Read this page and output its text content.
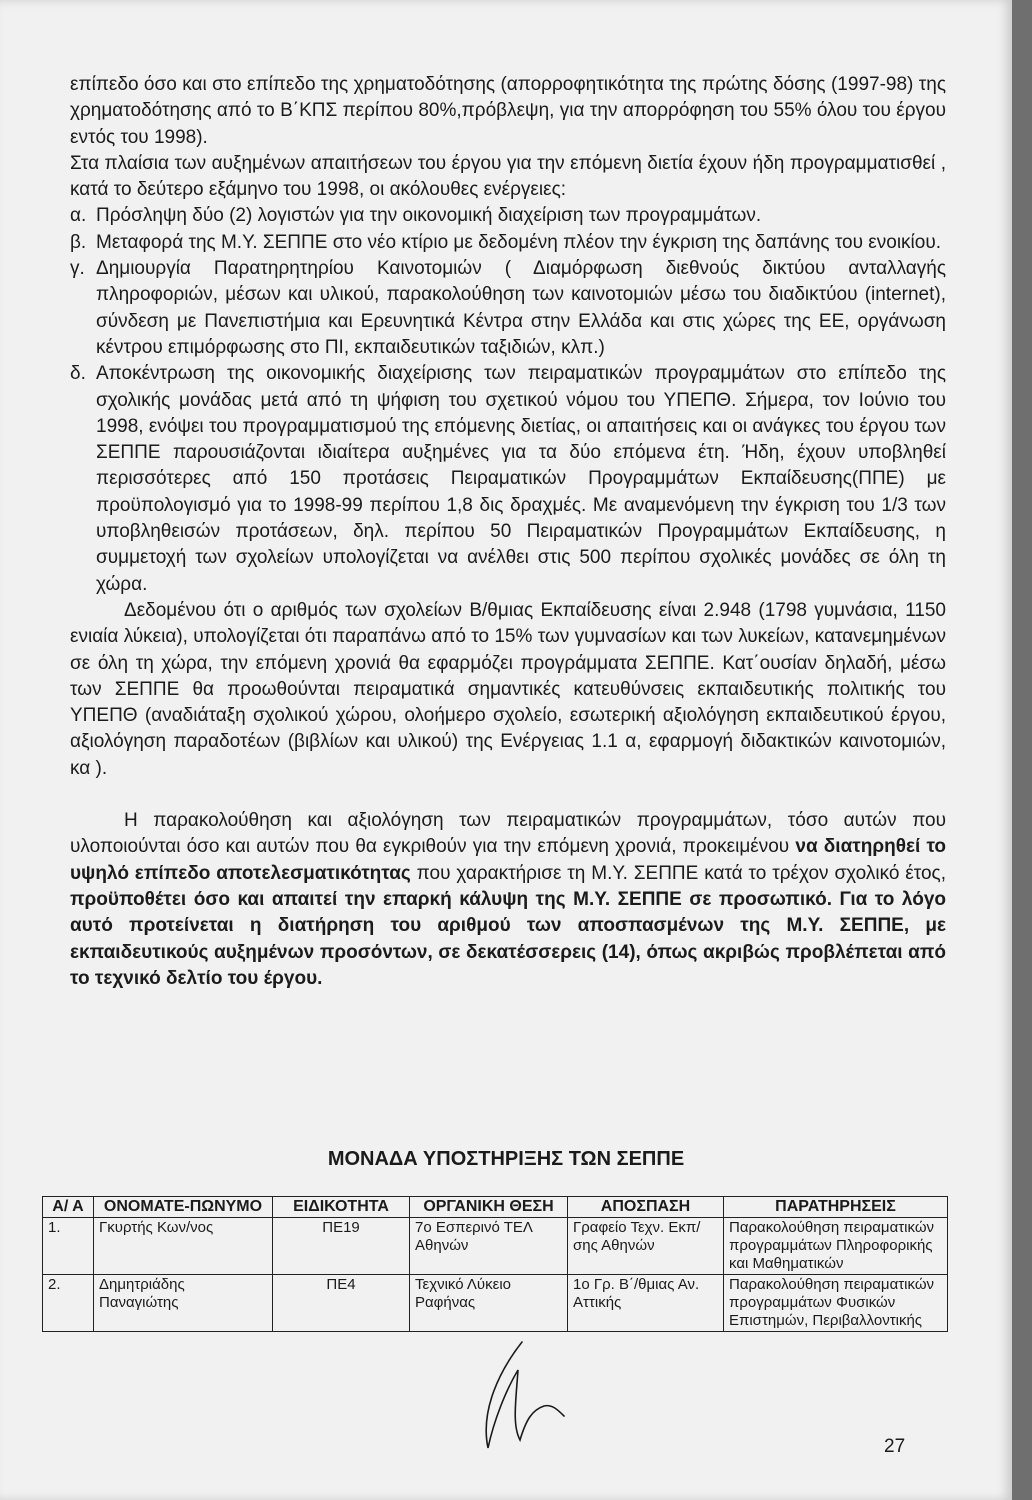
επίπεδο όσο και στο επίπεδο της χρηματοδότησης (απορροφητικότητα της πρώτης δόσης (1997-98) της χρηματοδότησης από το Β΄ΚΠΣ περίπου 80%,πρόβλεψη, για την απορρόφηση του 55% όλου του έργου εντός του 1998).

Στα πλαίσια των αυξημένων απαιτήσεων του έργου για την επόμενη διετία έχουν ήδη προγραμματισθεί , κατά το δεύτερο εξάμηνο του 1998, οι ακόλουθες ενέργειες:

α. Πρόσληψη δύο (2) λογιστών για την οικονομική διαχείριση των προγραμμάτων.
β. Μεταφορά της Μ.Υ. ΣΕΠΠΕ στο νέο κτίριο με δεδομένη πλέον την έγκριση της δαπάνης του ενοικίου.
γ. Δημιουργία Παρατηρητηρίου Καινοτομιών ( Διαμόρφωση διεθνούς δικτύου ανταλλαγής πληροφοριών, μέσων και υλικού, παρακολούθηση των καινοτομιών μέσω του διαδικτύου (internet), σύνδεση με Πανεπιστήμια και Ερευνητικά Κέντρα στην Ελλάδα και στις χώρες της ΕΕ, οργάνωση κέντρου επιμόρφωσης στο ΠΙ, εκπαιδευτικών ταξιδιών, κλπ.)
δ. Αποκέντρωση της οικονομικής διαχείρισης των πειραματικών προγραμμάτων στο επίπεδο της σχολικής μονάδας μετά από τη ψήφιση του σχετικού νόμου του ΥΠΕΠΘ. Σήμερα, τον Ιούνιο του 1998, ενόψει του προγραμματισμού της επόμενης διετίας, οι απαιτήσεις και οι ανάγκες του έργου των ΣΕΠΠΕ παρουσιάζονται ιδιαίτερα αυξημένες για τα δύο επόμενα έτη. Ήδη, έχουν υποβληθεί περισσότερες από 150 προτάσεις Πειραματικών Προγραμμάτων Εκπαίδευσης(ΠΠΕ) με προϋπολογισμό για το 1998-99 περίπου 1,8 δις δραχμές. Με αναμενόμενη την έγκριση του 1/3 των υποβληθεισών προτάσεων, δηλ. περίπου 50 Πειραματικών Προγραμμάτων Εκπαίδευσης, η συμμετοχή των σχολείων υπολογίζεται να ανέλθει στις 500 περίπου σχολικές μονάδες σε όλη τη χώρα.

Δεδομένου ότι ο αριθμός των σχολείων Β/θμιας Εκπαίδευσης είναι 2.948 (1798 γυμνάσια, 1150 ενιαία λύκεια), υπολογίζεται ότι παραπάνω από το 15% των γυμνασίων και των λυκείων, κατανεμημένων σε όλη τη χώρα, την επόμενη χρονιά θα εφαρμόζει προγράμματα ΣΕΠΠΕ. Κατ΄ουσίαν δηλαδή, μέσω των ΣΕΠΠΕ θα προωθούνται πειραματικά σημαντικές κατευθύνσεις εκπαιδευτικής πολιτικής του ΥΠΕΠΘ (αναδιάταξη σχολικού χώρου, ολοήμερο σχολείο, εσωτερική αξιολόγηση εκπαιδευτικού έργου, αξιολόγηση παραδοτέων (βιβλίων και υλικού) της Ενέργειας 1.1 α, εφαρμογή διδακτικών καινοτομιών, κα ).

Η παρακολούθηση και αξιολόγηση των πειραματικών προγραμμάτων, τόσο αυτών που υλοποιούνται όσο και αυτών που θα εγκριθούν για την επόμενη χρονιά, προκειμένου να διατηρηθεί το υψηλό επίπεδο αποτελεσματικότητας που χαρακτήρισε τη Μ.Υ. ΣΕΠΠΕ κατά το τρέχον σχολικό έτος, προϋποθέτει όσο και απαιτεί την επαρκή κάλυψη της Μ.Υ. ΣΕΠΠΕ σε προσωπικό. Για το λόγο αυτό προτείνεται η διατήρηση του αριθμού των αποσπασμένων της Μ.Υ. ΣΕΠΠΕ, με εκπαιδευτικούς αυξημένων προσόντων, σε δεκατέσσερεις (14), όπως ακριβώς προβλέπεται από το τεχνικό δελτίο του έργου.

ΜΟΝΑΔΑ ΥΠΟΣΤΗΡΙΞΗΣ ΤΩΝ ΣΕΠΠΕ
Α/ Α	ΟΝΟΜΑΤΕ-ΠΩΝΥΜΟ	ΕΙΔΙΚΟΤΗΤΑ	ΟΡΓΑΝΙΚΗ ΘΕΣΗ	ΑΠΟΣΠΑΣΗ	ΠΑΡΑΤΗΡΗΣΕΙΣ
1.	Γκυρτής Κων/νος	ΠΕ19	7ο Εσπερινό ΤΕΛ Αθηνών	Γραφείο Τεχν. Εκπ/σης Αθηνών	Παρακολούθηση πειραματικών προγραμμάτων Πληροφορικής και Μαθηματικών
2.	Δημητριάδης Παναγιώτης	ΠΕ4	Τεχνικό Λύκειο Ραφήνας	1ο Γρ. Β΄/θμιας Αν. Αττικής	Παρακολούθηση πειραματικών προγραμμάτων Φυσικών Επιστημών, Περιβαλλοντικής
27
